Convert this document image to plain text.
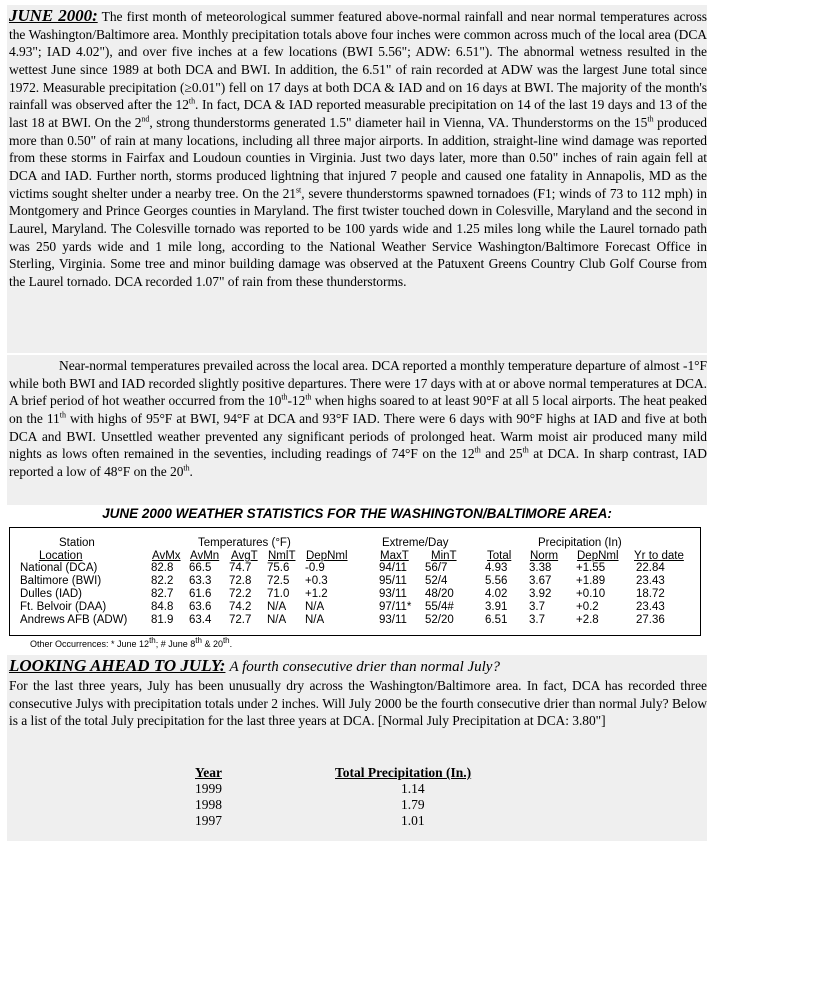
JUNE 2000: The first month of meteorological summer featured above-normal rainfall and near normal temperatures across the Washington/Baltimore area. Monthly precipitation totals above four inches were common across much of the local area (DCA 4.93"; IAD 4.02"), and over five inches at a few locations (BWI 5.56"; ADW: 6.51"). The abnormal wetness resulted in the wettest June since 1989 at both DCA and BWI. In addition, the 6.51" of rain recorded at ADW was the largest June total since 1972. Measurable precipitation (≥0.01") fell on 17 days at both DCA & IAD and on 16 days at BWI. The majority of the month's rainfall was observed after the 12th. In fact, DCA & IAD reported measurable precipitation on 14 of the last 19 days and 13 of the last 18 at BWI. On the 2nd, strong thunderstorms generated 1.5" diameter hail in Vienna, VA. Thunderstorms on the 15th produced more than 0.50" of rain at many locations, including all three major airports. In addition, straight-line wind damage was reported from these storms in Fairfax and Loudoun counties in Virginia. Just two days later, more than 0.50" inches of rain again fell at DCA and IAD. Further north, storms produced lightning that injured 7 people and caused one fatality in Annapolis, MD as the victims sought shelter under a nearby tree. On the 21st, severe thunderstorms spawned tornadoes (F1; winds of 73 to 112 mph) in Montgomery and Prince Georges counties in Maryland. The first twister touched down in Colesville, Maryland and the second in Laurel, Maryland. The Colesville tornado was reported to be 100 yards wide and 1.25 miles long while the Laurel tornado path was 250 yards wide and 1 mile long, according to the National Weather Service Washington/Baltimore Forecast Office in Sterling, Virginia. Some tree and minor building damage was observed at the Patuxent Greens Country Club Golf Course from the Laurel tornado. DCA recorded 1.07" of rain from these thunderstorms.

Near-normal temperatures prevailed across the local area. DCA reported a monthly temperature departure of almost -1°F while both BWI and IAD recorded slightly positive departures. There were 17 days with at or above normal temperatures at DCA. A brief period of hot weather occurred from the 10th-12th when highs soared to at least 90°F at all 5 local airports. The heat peaked on the 11th with highs of 95°F at BWI, 94°F at DCA and 93°F IAD. There were 6 days with 90°F highs at IAD and five at both DCA and BWI. Unsettled weather prevented any significant periods of prolonged heat. Warm moist air produced many mild nights as lows often remained in the seventies, including readings of 74°F on the 12th and 25th at DCA. In sharp contrast, IAD reported a low of 48°F on the 20th.

JUNE 2000 WEATHER STATISTICS FOR THE WASHINGTON/BALTIMORE AREA:
Station	Temperatures (°F)	Extreme/Day	Precipitation (In)
Location	AvMx AvMn AvgT NmlT DepNml	MaxT MinT	Total Norm DepNml Yr to date
National (DCA)	82.8	66.5	74.7	75.6	-0.9	94/11	56/7	4.93	3.38	+1.55	22.84
Baltimore (BWI)	82.2	63.3	72.8	72.5	+0.3	95/11	52/4	5.56	3.67	+1.89	23.43
Dulles (IAD)	82.7	61.6	72.2	71.0	+1.2	93/11	48/20	4.02	3.92	+0.10	18.72
Ft. Belvoir (DAA)	84.8	63.6	74.2	N/A	N/A	97/11*	55/4#	3.91	3.7	+0.2	23.43
Andrews AFB (ADW)	81.9	63.4	72.7	N/A	N/A	93/11	52/20	6.51	3.7	+2.8	27.36
Other Occurrences: * June 12th; # June 8th & 20th.
LOOKING AHEAD TO JULY: A fourth consecutive drier than normal July?

For the last three years, July has been unusually dry across the Washington/Baltimore area. In fact, DCA has recorded three consecutive Julys with precipitation totals under 2 inches. Will July 2000 be the fourth consecutive drier than normal July? Below is a list of the total July precipitation for the last three years at DCA. [Normal July Precipitation at DCA: 3.80"]

Year	Total Precipitation (In.)
1999	1.14
1998	1.79
1997	1.01
